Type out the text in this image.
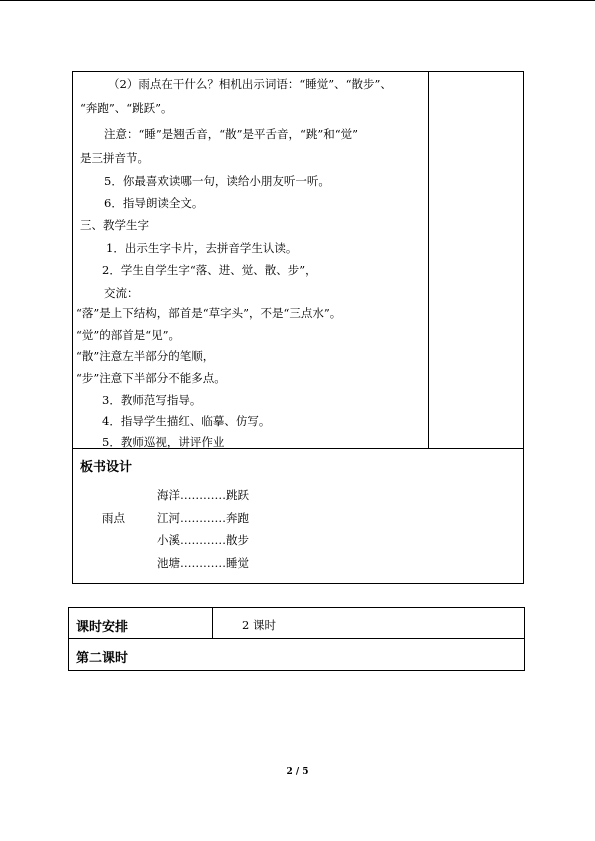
（2）雨点在干什么？相机出示词语：“睡觉”、“散步”、

“奔跑”、“跳跃”。

注意：“睡”是翘舌音，“散”是平舌音，“跳”和“觉”

是三拼音节。

5．你最喜欢读哪一句，读给小朋友听一听。

6．指导朗读全文。

三、教学生字

1．出示生字卡片，去拼音学生认读。

2．学生自学生字“落、进、觉、散、步”，

交流：

“落”是上下结构，部首是“草字头”，不是“三点水”。

“觉”的部首是“见”。

“散”注意左半部分的笔顺，

“步”注意下半部分不能多点。

3．教师范写指导。

4．指导学生描红、临摹、仿写。

5．教师巡视，讲评作业

板书设计
雨点
海洋…………跳跃
江河…………奔跑
小溪…………散步
池塘…………睡觉
课时安排	2 课时
第二课时
2 / 5
